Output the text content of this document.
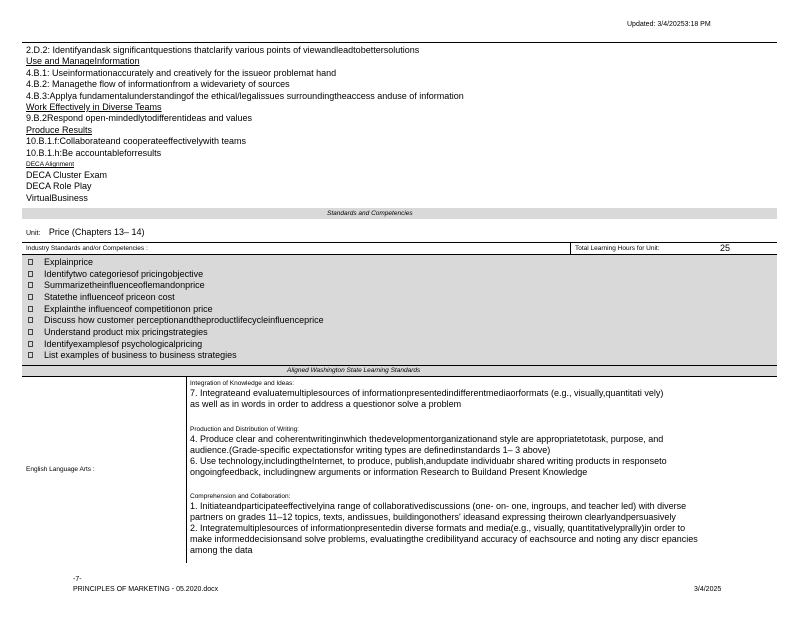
Updated: 3/4/20253:18 PM
2.D.2: Identifyandask significantquestions thatclarify various points of viewandleadtobettersolutions
Use and ManageInformation
4.B.1: Useinformationaccurately and creatively for the issueor problemat hand
4.B.2: Managethe flow of informationfrom a widevariety of sources
4.B.3:Applya fundamentalunderstandingof the ethical/legalissues surroundingtheaccess anduse of information
Work Effectively in Diverse Teams
9.B.2Respond open-mindedlytodifferentideas and values
Produce Results
10.B.1.f:Collaborateand cooperateeffectivelywith teams
10.B.1.h:Be accountableforresults
DECA Alignment
DECA Cluster Exam
DECA Role Play
VirtualBusiness
Standards and Competencies
Unit: Price (Chapters 13– 14)
Industry Standards and/or Competencies :	Total Learning Hours for Unit:	25
Explainprice
Identifytwo categoriesof pricingobjective
Summarizetheinfluenceoflemandonprice
Statethe influenceof priceon cost
Explainthe influenceof competitionon price
Discuss how customer perceptionandtheproductlifecycleinfluenceprice
Understand product mix pricingstrategies
Identifyexamplesof psychologicalpricing
List examples of business to business strategies
Aligned Washington State Learning Standards
English Language Arts :
Integration of Knowledge and Ideas:
7. Integrateand evaluatemultiplesources of informationpresentedindifferentmediaorformats (e.g., visually,quantitati vely)
as well as in words in order to address a questionor solve a problem
Production and Distribution of Writing:
4. Produce clear and coherentwritinginwhich thedevelopmentorganizationand style are appropriatetotask, purpose, and
audience.(Grade-specific expectationsfor writing types are definedinstandards 1– 3 above)
6. Use technology,includingtheInternet, to produce, publish,andupdate individuabr shared writing products in responseto
ongoingfeedback, includingnew arguments or information Research to Buildand Present Knowledge
Comprehension and Collaboration:
1. Initiateandparticipateeffectivelyina range of collaborativediscussions (one- on- one, ingroups, and teacher led) with diverse
partners on grades 11–12 topics, texts, andissues, buildingonothers' ideasand expressing theirown clearlyandpersuasively
2. Integratemultiplesources of informationpresentedin diverse formats and media(e.g., visually, quantitativelyprally)in order to
make informeddecisionsand solve problems, evaluatingthe credibilityand accuracy of eachsource and noting any discr epancies
among the data
-7-
PRINCIPLES OF MARKETING - 05.2020.docx	3/4/2025
